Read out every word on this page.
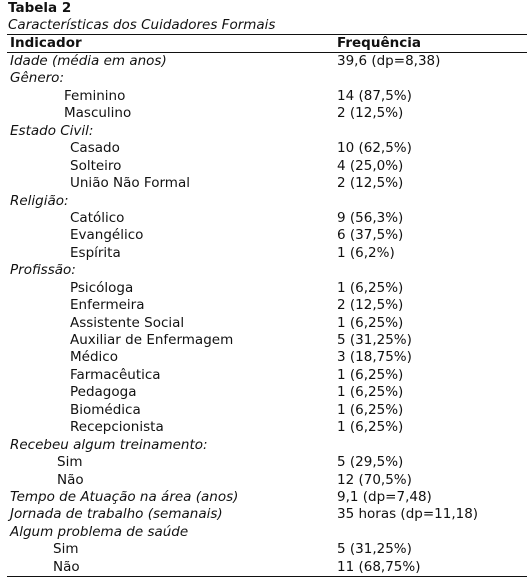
Tabela 2
Características dos Cuidadores Formais
Indicador	Frequência
Idade (média em anos)	39,6 (dp=8,38)
Gênero:
Feminino	14 (87,5%)
Masculino	2 (12,5%)
Estado Civil:
Casado	10 (62,5%)
Solteiro	4 (25,0%)
União Não Formal	2 (12,5%)
Religião:
Católico	9 (56,3%)
Evangélico	6 (37,5%)
Espírita	1 (6,2%)
Profissão:
Psicóloga	1 (6,25%)
Enfermeira	2 (12,5%)
Assistente Social	1 (6,25%)
Auxiliar de Enfermagem	5 (31,25%)
Médico	3 (18,75%)
Farmacêutica	1 (6,25%)
Pedagoga	1 (6,25%)
Biomédica	1 (6,25%)
Recepcionista	1 (6,25%)
Recebeu algum treinamento:
Sim	5 (29,5%)
Não	12 (70,5%)
Tempo de Atuação na área (anos)	9,1 (dp=7,48)
Jornada de trabalho (semanais)	35 horas (dp=11,18)
Algum problema de saúde
Sim	5 (31,25%)
Não	11 (68,75%)
